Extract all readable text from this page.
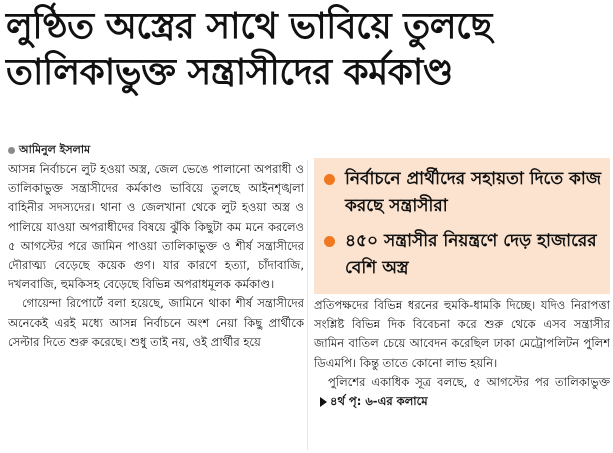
লুণ্ঠিত অস্ত্রের সাথে ভাবিয়ে তুলছে
তালিকাভুক্ত সন্ত্রাসীদের কর্মকাণ্ড
আমিনুল ইসলাম

আসন্ন নির্বাচনে লুট হওয়া অস্ত্র, জেল ভেঙে পালানো অপরাধী ও তালিকাভুক্ত সন্ত্রাসীদের কর্মকাণ্ড ভাবিয়ে তুলছে আইনশৃঙ্খলা বাহিনীর সদস্যদের। থানা ও জেলখানা থেকে লুট হওয়া অস্ত্র ও পালিয়ে যাওয়া অপরাধীদের বিষয়ে ঝুঁকি কিছুটা কম মনে করলেও ৫ আগস্টের পরে জামিন পাওয়া তালিকাভুক্ত ও শীর্ষ সন্ত্রাসীদের দৌরাত্ম্য বেড়েছে কয়েক গুণ। যার কারণে হত্যা, চাঁদাবাজি, দখলবাজি, হুমকিসহ বেড়েছে বিভিন্ন অপরাধমূলক কর্মকাণ্ড।

গোয়েন্দা রিপোর্টে বলা হয়েছে, জামিনে থাকা শীর্ষ সন্ত্রাসীদের অনেকেই এরই মধ্যে আসন্ন নির্বাচনে অংশ নেয়া কিছু প্রার্থীকে সেল্টার দিতে শুরু করেছে। শুধু তাই নয়, ওই প্রার্থীর হয়ে

নির্বাচনে প্রার্থীদের সহায়তা দিতে কাজ করছে সন্ত্রাসীরা
৪৫০ সন্ত্রাসীর নিয়ন্ত্রণে দেড় হাজারের বেশি অস্ত্র

প্রতিপক্ষদের বিভিন্ন ধরনের হুমকি-ধামকি দিচ্ছে। যদিও নিরাপত্তা সংশ্লিষ্ট বিভিন্ন দিক বিবেচনা করে শুরু থেকে এসব সন্ত্রাসীর জামিন বাতিল চেয়ে আবেদন করেছিল ঢাকা মেট্রোপলিটন পুলিশ ডিএমপি। কিন্তু তাতে কোনো লাভ হয়নি।

পুলিশের একাধিক সূত্র বলছে, ৫ আগস্টের পর তালিকাভুক্ত৪র্থ পৃ: ৬-এর কলামে
